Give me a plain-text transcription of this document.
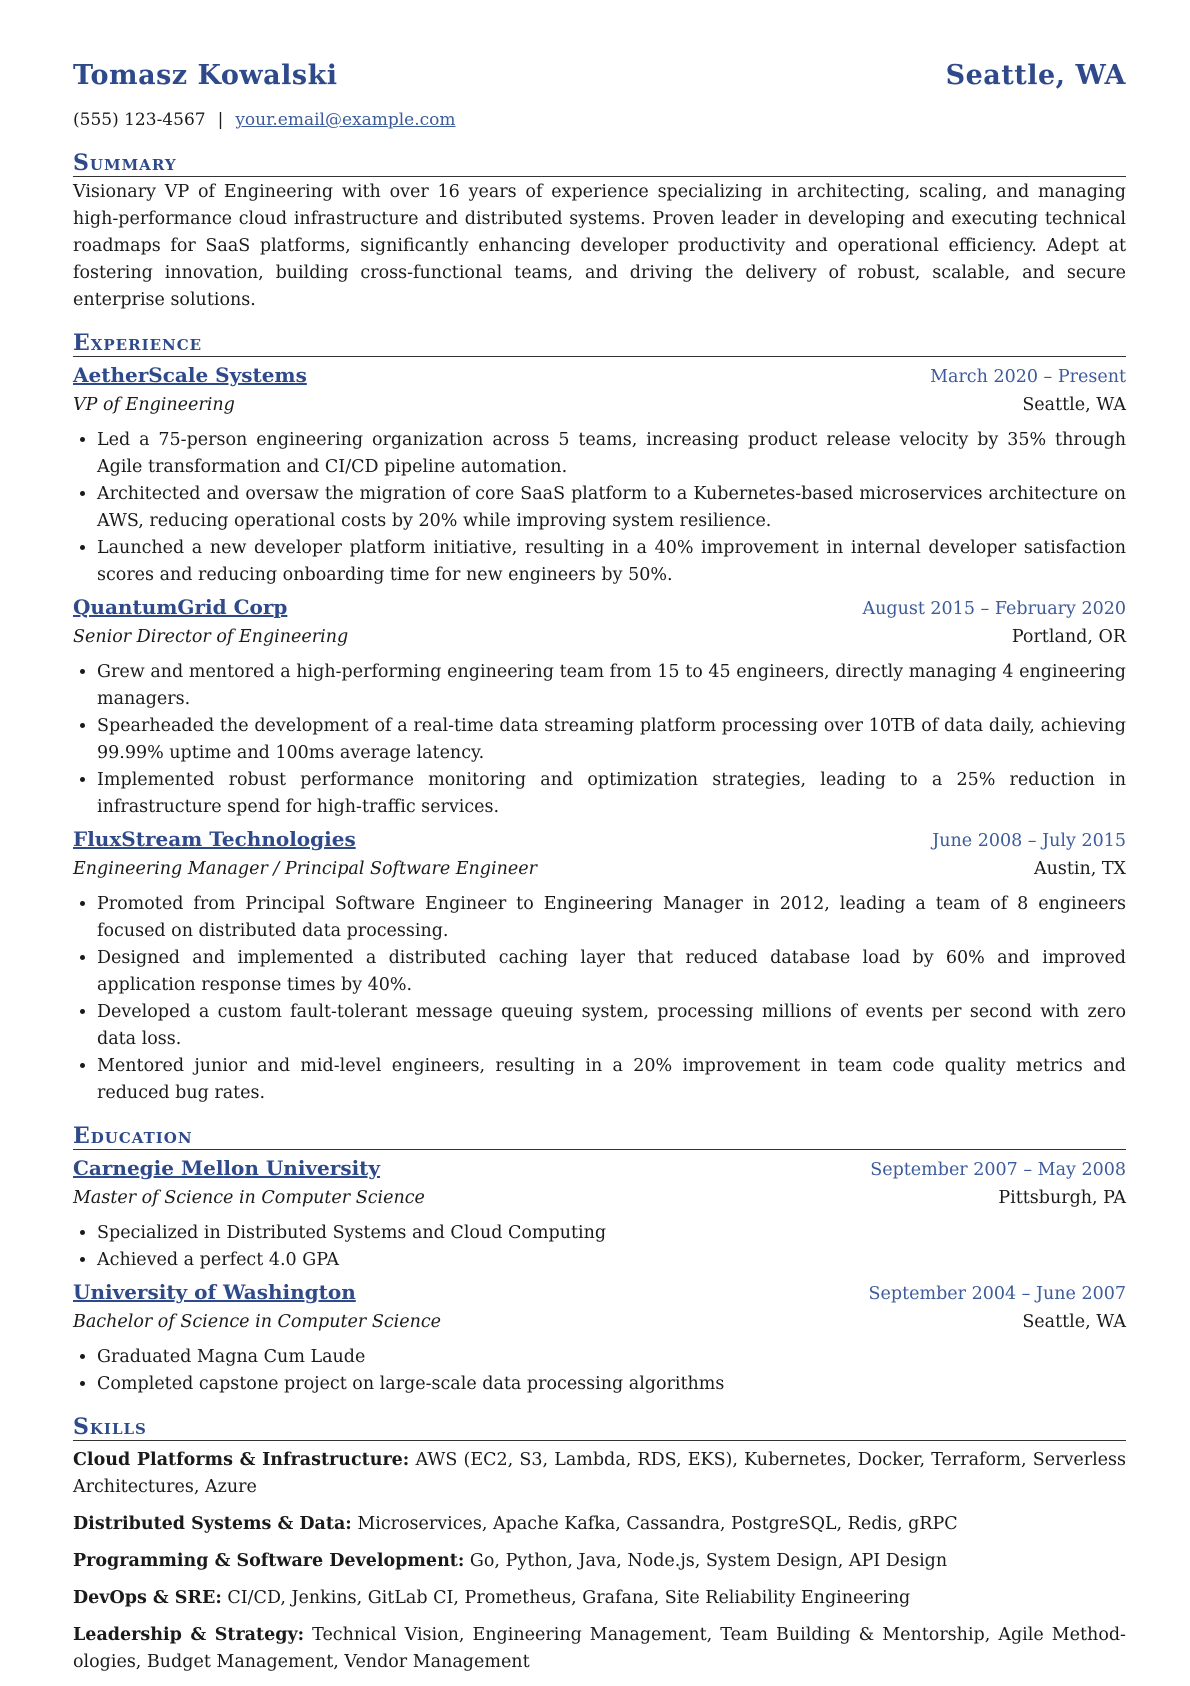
Tomasz Kowalski	Seattle, WA
(555) 123-4567 | your.email@example.com
Summary
Visionary VP of Engineering with over 16 years of experience specializing in architecting, scaling, and managing high-performance cloud infrastructure and distributed systems. Proven leader in developing and executing technical roadmaps for SaaS platforms, significantly enhancing developer productivity and operational efficiency. Adept at fostering innovation, building cross-functional teams, and driving the delivery of robust, scalable, and secure enterprise solutions.
Experience
AetherScale Systems	March 2020 – Present
VP of Engineering	Seattle, WA
• Led a 75-person engineering organization across 5 teams, increasing product release velocity by 35% through Agile transformation and CI/CD pipeline automation.
• Architected and oversaw the migration of core SaaS platform to a Kubernetes-based microservices architecture on AWS, reducing operational costs by 20% while improving system resilience.
• Launched a new developer platform initiative, resulting in a 40% improvement in internal developer satisfaction scores and reducing onboarding time for new engineers by 50%.
QuantumGrid Corp	August 2015 – February 2020
Senior Director of Engineering	Portland, OR
• Grew and mentored a high-performing engineering team from 15 to 45 engineers, directly managing 4 engineering managers.
• Spearheaded the development of a real-time data streaming platform processing over 10TB of data daily, achieving 99.99% uptime and 100ms average latency.
• Implemented robust performance monitoring and optimization strategies, leading to a 25% reduction in infrastructure spend for high-traffic services.
FluxStream Technologies	June 2008 – July 2015
Engineering Manager / Principal Software Engineer	Austin, TX
• Promoted from Principal Software Engineer to Engineering Manager in 2012, leading a team of 8 engineers focused on distributed data processing.
• Designed and implemented a distributed caching layer that reduced database load by 60% and improved application response times by 40%.
• Developed a custom fault-tolerant message queuing system, processing millions of events per second with zero data loss.
• Mentored junior and mid-level engineers, resulting in a 20% improvement in team code quality metrics and reduced bug rates.
Education
Carnegie Mellon University	September 2007 – May 2008
Master of Science in Computer Science	Pittsburgh, PA
• Specialized in Distributed Systems and Cloud Computing
• Achieved a perfect 4.0 GPA
University of Washington	September 2004 – June 2007
Bachelor of Science in Computer Science	Seattle, WA
• Graduated Magna Cum Laude
• Completed capstone project on large-scale data processing algorithms
Skills
Cloud Platforms & Infrastructure: AWS (EC2, S3, Lambda, RDS, EKS), Kubernetes, Docker, Terraform, Serverless Architectures, Azure
Distributed Systems & Data: Microservices, Apache Kafka, Cassandra, PostgreSQL, Redis, gRPC
Programming & Software Development: Go, Python, Java, Node.js, System Design, API Design
DevOps & SRE: CI/CD, Jenkins, GitLab CI, Prometheus, Grafana, Site Reliability Engineering
Leadership & Strategy: Technical Vision, Engineering Management, Team Building & Mentorship, Agile Method-ologies, Budget Management, Vendor Management
